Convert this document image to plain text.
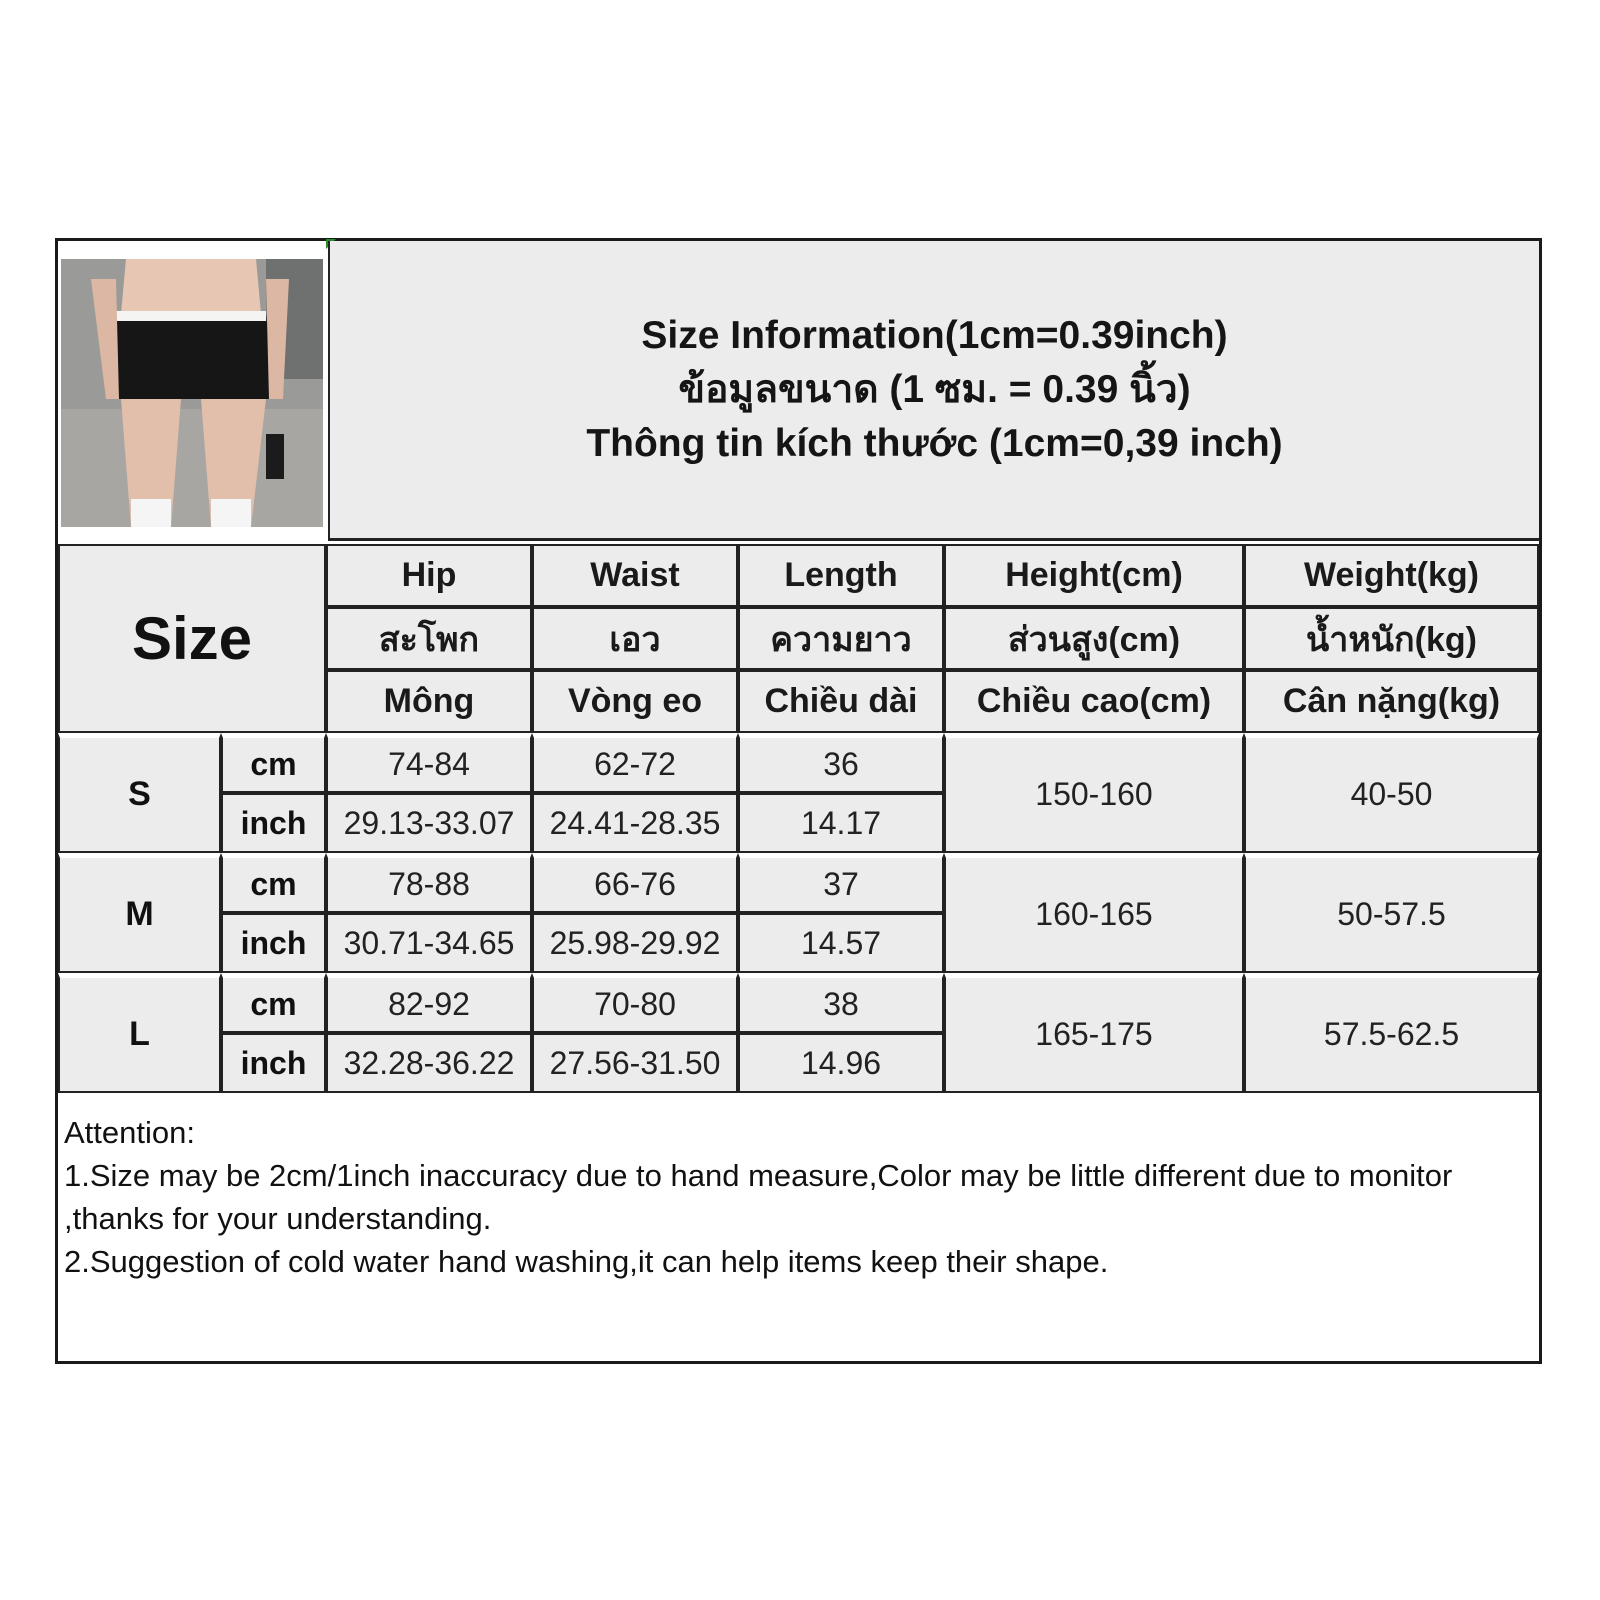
Size Information(1cm=0.39inch)
ข้อมูลขนาด (1 ซม. = 0.39 นิ้ว)
Thông tin kích thước (1cm=0,39 inch)
Size		Hip	Waist	Length	Height(cm)	Weight(kg)
		สะโพก	เอว	ความยาว	ส่วนสูง(cm)	น้ำหนัก(kg)
		Mông	Vòng eo	Chiều dài	Chiều cao(cm)	Cân nặng(kg)
S	cm	74-84	62-72	36	150-160	40-50
	inch	29.13-33.07	24.41-28.35	14.17		
M	cm	78-88	66-76	37	160-165	50-57.5
	inch	30.71-34.65	25.98-29.92	14.57		
L	cm	82-92	70-80	38	165-175	57.5-62.5
	inch	32.28-36.22	27.56-31.50	14.96		
Attention:
1.Size may be 2cm/1inch inaccuracy due to hand measure,Color may be little different due to monitor ,thanks for your understanding.
2.Suggestion of cold water hand washing,it can help items keep their shape.
